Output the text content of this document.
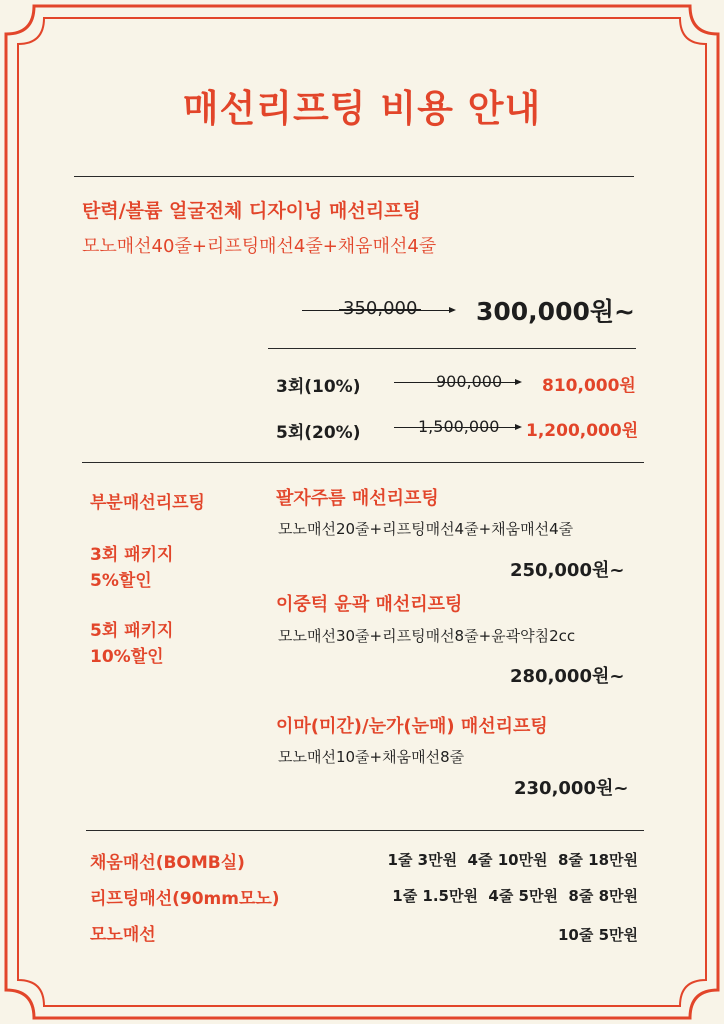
매선리프팅 비용 안내
탄력/볼륨 얼굴전체 디자이닝 매선리프팅
모노매선40줄+리프팅매선4줄+채움매선4줄
350,000 300,000원~
3회(10%)	900,000 810,000원
5회(20%)	1,500,000 1,200,000원
부분매선리프팅
3회 패키지
5%할인
5회 패키지
10%할인
팔자주름 매선리프팅
모노매선20줄+리프팅매선4줄+채움매선4줄
250,000원~
이중턱 윤곽 매선리프팅
모노매선30줄+리프팅매선8줄+윤곽약침2cc
280,000원~
이마(미간)/눈가(눈매) 매선리프팅
모노매선10줄+채움매선8줄
230,000원~
채움매선(BOMB실)	1줄 3만원  4줄 10만원  8줄 18만원
리프팅매선(90mm모노)	1줄 1.5만원  4줄 5만원  8줄 8만원
모노매선	10줄 5만원
